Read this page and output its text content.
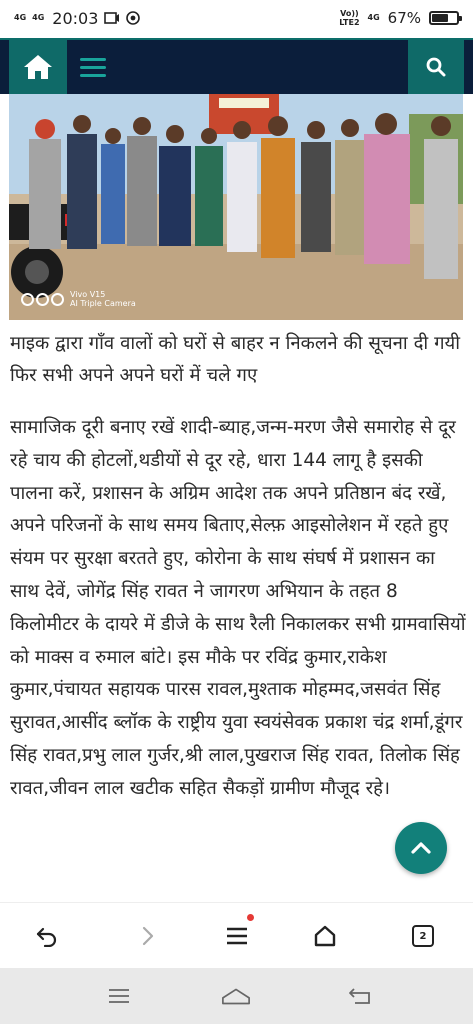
4G 4G 20:03	Vo))
LTE2
4G 67%
Vivo V15
AI Triple Camera

माइक द्वारा गाँव वालों को घरों से बाहर न निकलने की सूचना दी गयी फिर सभी अपने अपने घरों में चले गए

सामाजिक दूरी बनाए रखें शादी-ब्याह,जन्म-मरण जैसे समारोह से दूर रहे चाय की होटलों,थडीयों से दूर रहे, धारा 144 लागू है इसकी पालना करें, प्रशासन के अग्रिम आदेश तक अपने प्रतिष्ठान बंद रखें, अपने परिजनों के साथ समय बिताए,सेल्फ़ आइसोलेशन में रहते हुए संयम पर सुरक्षा बरतते हुए, कोरोना के साथ संघर्ष में प्रशासन का साथ देवें, जोगेंद्र सिंह रावत ने जागरण अभियान के तहत 8 किलोमीटर के दायरे में डीजे के साथ रैली निकालकर सभी ग्रामवासियों को माक्स व रुमाल बांटे। इस मौके पर रविंद्र कुमार,राकेश कुमार,पंचायत सहायक पारस रावल,मुश्ताक मोहम्मद,जसवंत सिंह सुरावत,आसींद ब्लॉक के राष्ट्रीय युवा स्वयंसेवक प्रकाश चंद्र शर्मा,डूंगर सिंह रावत,प्रभु लाल गुर्जर,श्री लाल,पुखराज सिंह रावत, तिलोक सिंह रावत,जीवन लाल खटीक सहित सैकड़ों ग्रामीण मौजूद रहे।

2
